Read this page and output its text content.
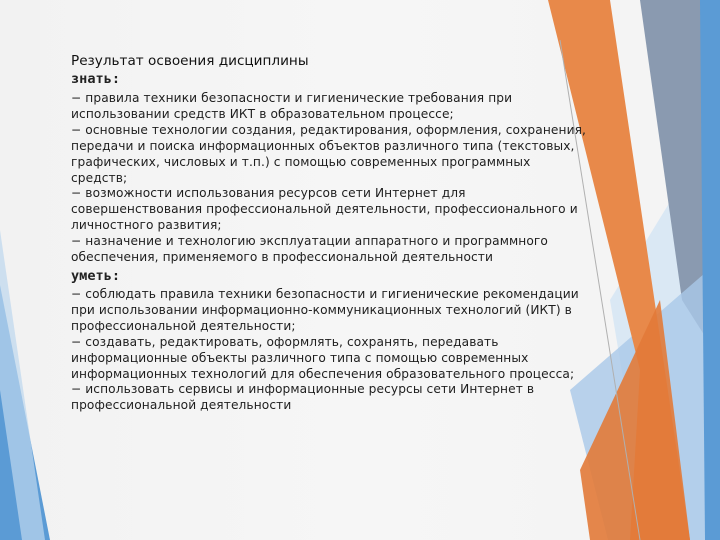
Результат освоения дисциплины
знать:
− правила техники безопасности и гигиенические требования при
использовании средств ИКТ в образовательном процессе;
− основные технологии создания, редактирования, оформления, сохранения,
передачи и поиска информационных объектов различного типа (текстовых,
графических, числовых и т.п.) с помощью современных программных
средств;
− возможности использования ресурсов сети Интернет для
совершенствования профессиональной деятельности, профессионального и
личностного развития;
− назначение и технологию эксплуатации аппаратного и программного
обеспечения, применяемого в профессиональной деятельности
уметь:
− соблюдать правила техники безопасности и гигиенические рекомендации
при использовании информационно-коммуникационных технологий (ИКТ) в
профессиональной деятельности;
− создавать, редактировать, оформлять, сохранять, передавать
информационные объекты различного типа с помощью современных
информационных технологий для обеспечения образовательного процесса;
− использовать сервисы и информационные ресурсы сети Интернет в
профессиональной деятельности
